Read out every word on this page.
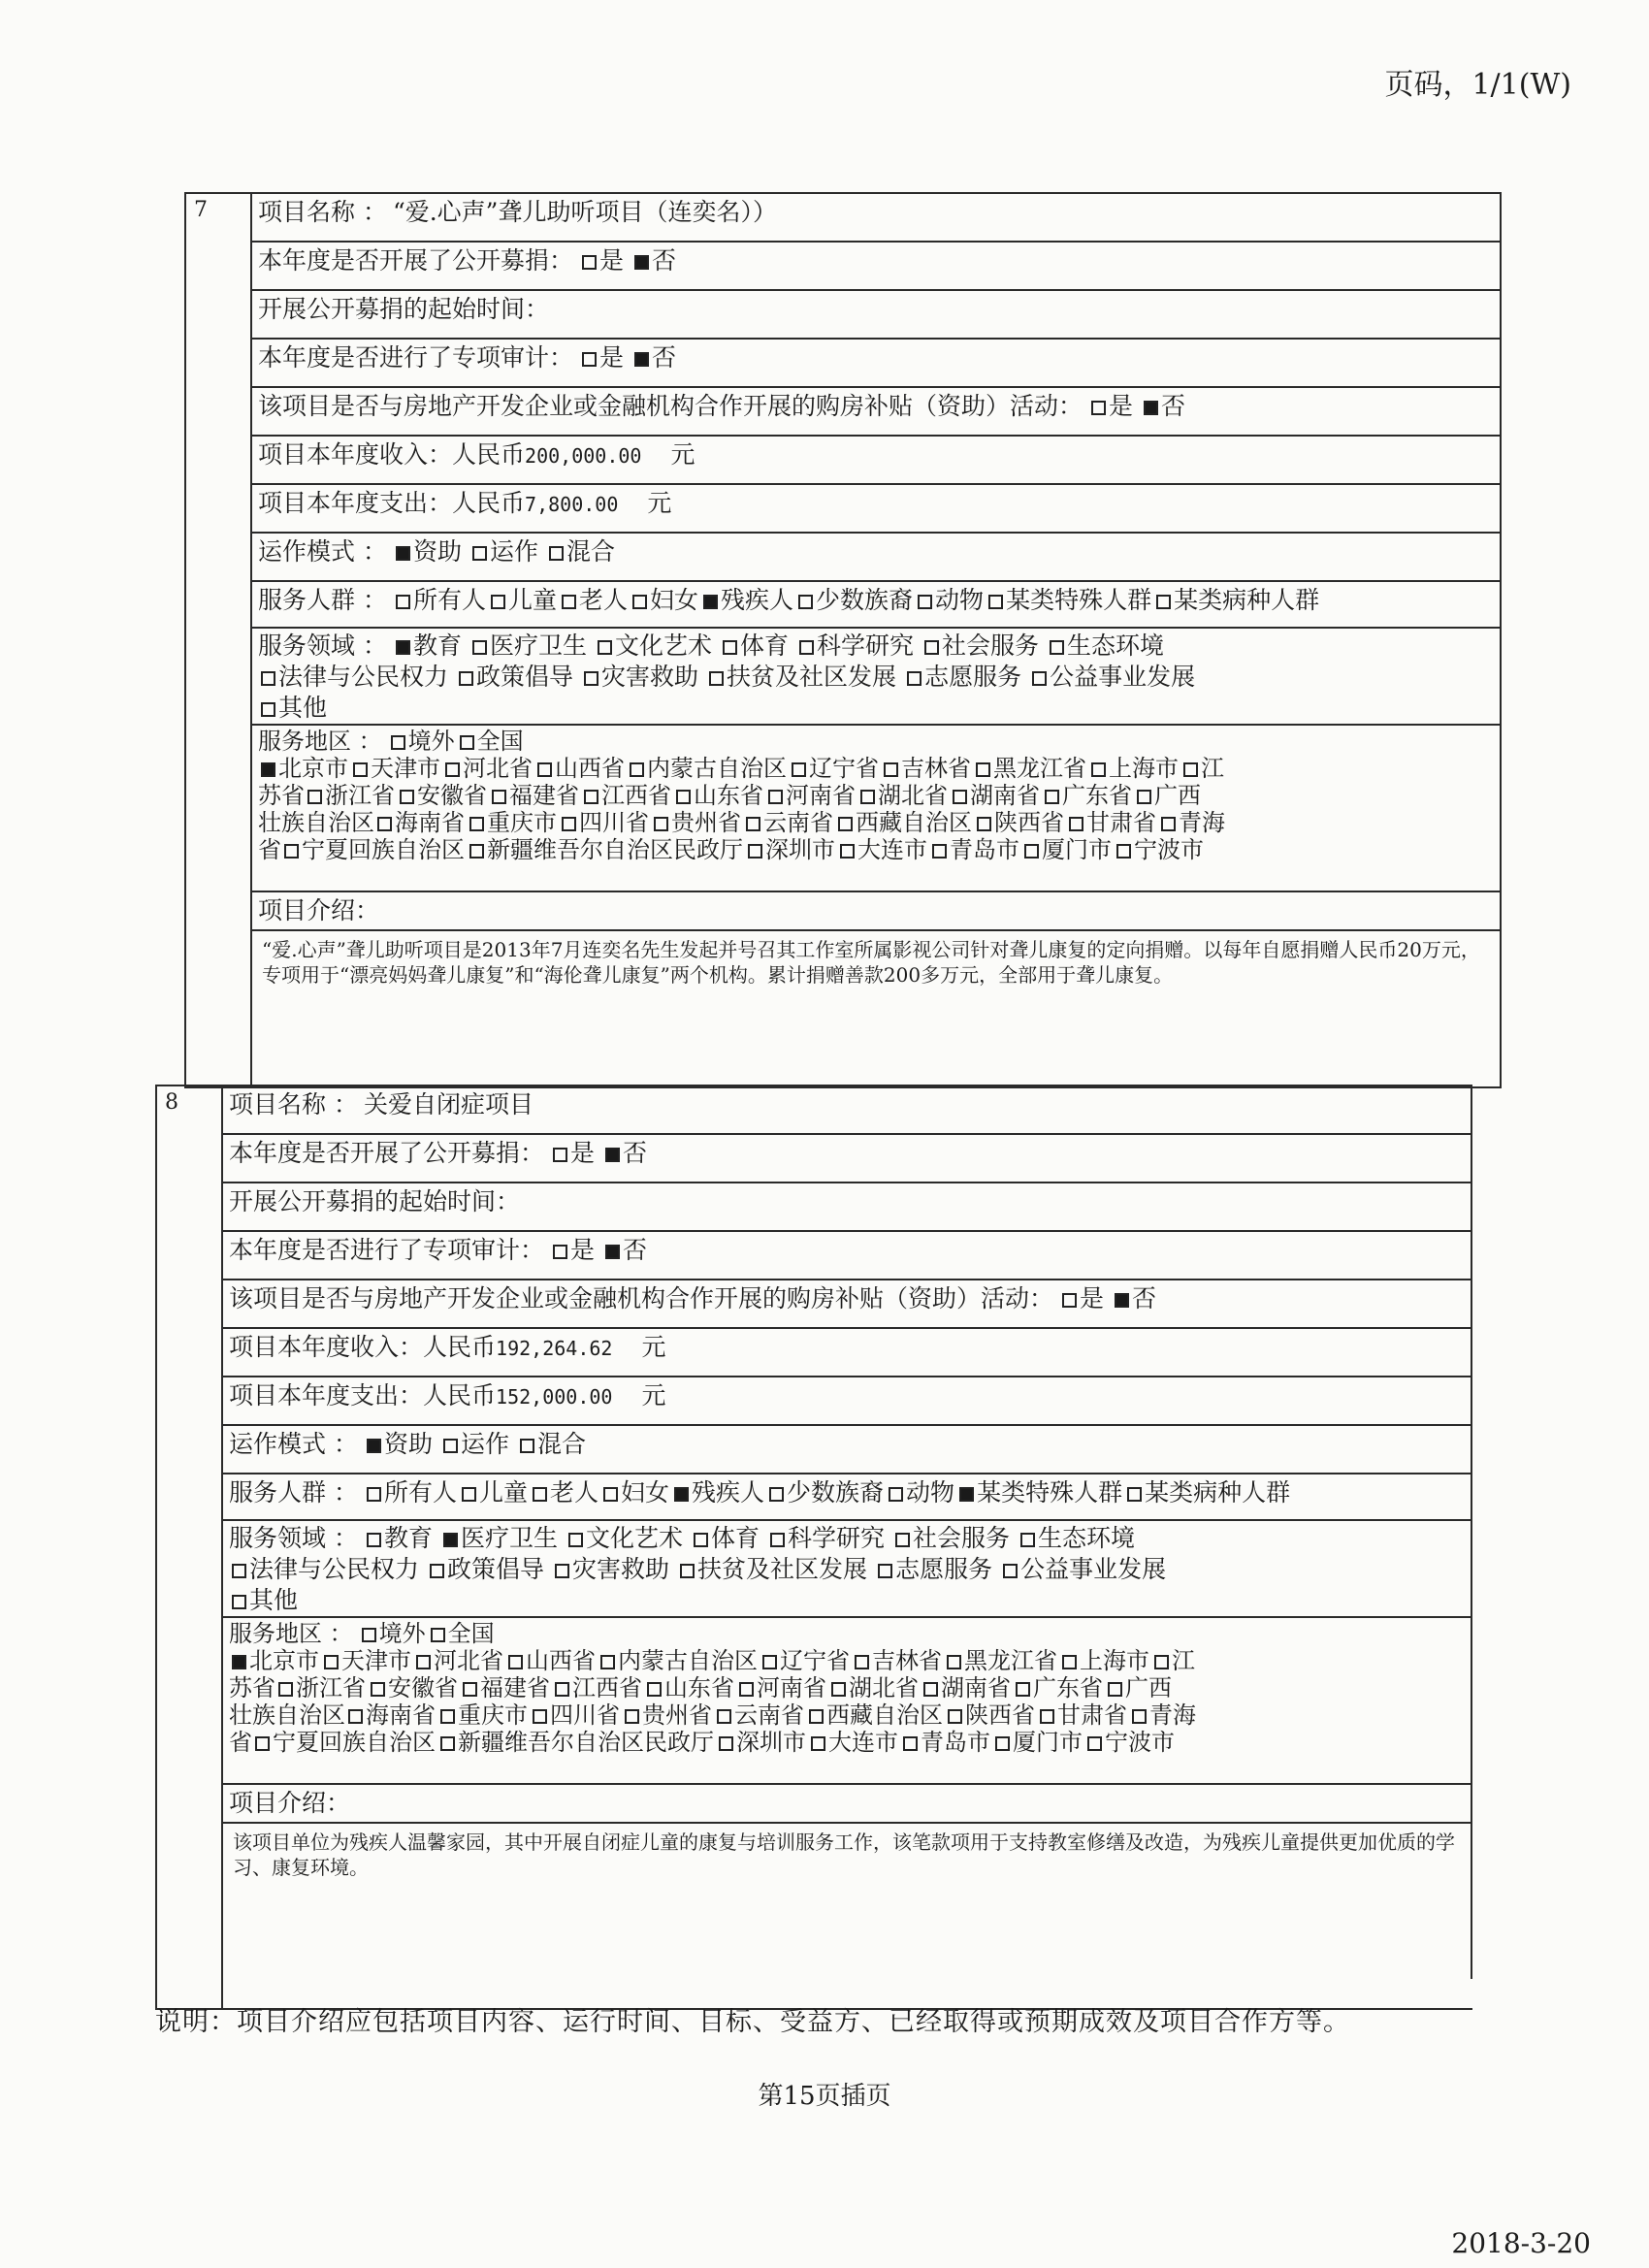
页码，1/1(W)
7	项目名称 ： “爱.心声”聋儿助听项目（连奕名））
本年度是否开展了公开募捐： 是 否
开展公开募捐的起始时间：
本年度是否进行了专项审计： 是 否
该项目是否与房地产开发企业或金融机构合作开展的购房补贴（资助）活动： 是 否
项目本年度收入：人民币200,000.00 元
项目本年度支出：人民币7,800.00 元
运作模式 ： 资助 运作 混合
服务人群 ： 所有人 儿童 老人 妇女 残疾人 少数族裔 动物 某类特殊人群 某类病种人群
服务领域 ： 教育 医疗卫生 文化艺术 体育 科学研究 社会服务 生态环境
法律与公民权力 政策倡导 灾害救助 扶贫及社区发展 志愿服务 公益事业发展
其他
服务地区 ： 境外 全国
北京市 天津市 河北省 山西省 内蒙古自治区 辽宁省 吉林省 黑龙江省 上海市 江
苏省 浙江省 安徽省 福建省 江西省 山东省 河南省 湖北省 湖南省 广东省 广西
壮族自治区 海南省 重庆市 四川省 贵州省 云南省 西藏自治区 陕西省 甘肃省 青海
省 宁夏回族自治区 新疆维吾尔自治区民政厅 深圳市 大连市 青岛市 厦门市 宁波市
项目介绍：
“爱.心声”聋儿助听项目是2013年7月连奕名先生发起并号召其工作室所属影视公司针对聋儿康复的定向捐赠。以每年自愿捐赠人民币20万元，专项用于“漂亮妈妈聋儿康复”和“海伦聋儿康复”两个机构。累计捐赠善款200多万元，全部用于聋儿康复。
8	项目名称 ： 关爱自闭症项目
本年度是否开展了公开募捐： 是 否
开展公开募捐的起始时间：
本年度是否进行了专项审计： 是 否
该项目是否与房地产开发企业或金融机构合作开展的购房补贴（资助）活动： 是 否
项目本年度收入：人民币192,264.62 元
项目本年度支出：人民币152,000.00 元
运作模式 ： 资助 运作 混合
服务人群 ： 所有人 儿童 老人 妇女 残疾人 少数族裔 动物 某类特殊人群 某类病种人群
服务领域 ： 教育 医疗卫生 文化艺术 体育 科学研究 社会服务 生态环境
法律与公民权力 政策倡导 灾害救助 扶贫及社区发展 志愿服务 公益事业发展
其他
服务地区 ： 境外 全国
北京市 天津市 河北省 山西省 内蒙古自治区 辽宁省 吉林省 黑龙江省 上海市 江
苏省 浙江省 安徽省 福建省 江西省 山东省 河南省 湖北省 湖南省 广东省 广西
壮族自治区 海南省 重庆市 四川省 贵州省 云南省 西藏自治区 陕西省 甘肃省 青海
省 宁夏回族自治区 新疆维吾尔自治区民政厅 深圳市 大连市 青岛市 厦门市 宁波市
项目介绍：
该项目单位为残疾人温馨家园，其中开展自闭症儿童的康复与培训服务工作，该笔款项用于支持教室修缮及改造，为残疾儿童提供更加优质的学习、康复环境。
说明：项目介绍应包括项目内容、运行时间、目标、受益方、已经取得或预期成效及项目合作方等。
第15页插页
2018-3-20
